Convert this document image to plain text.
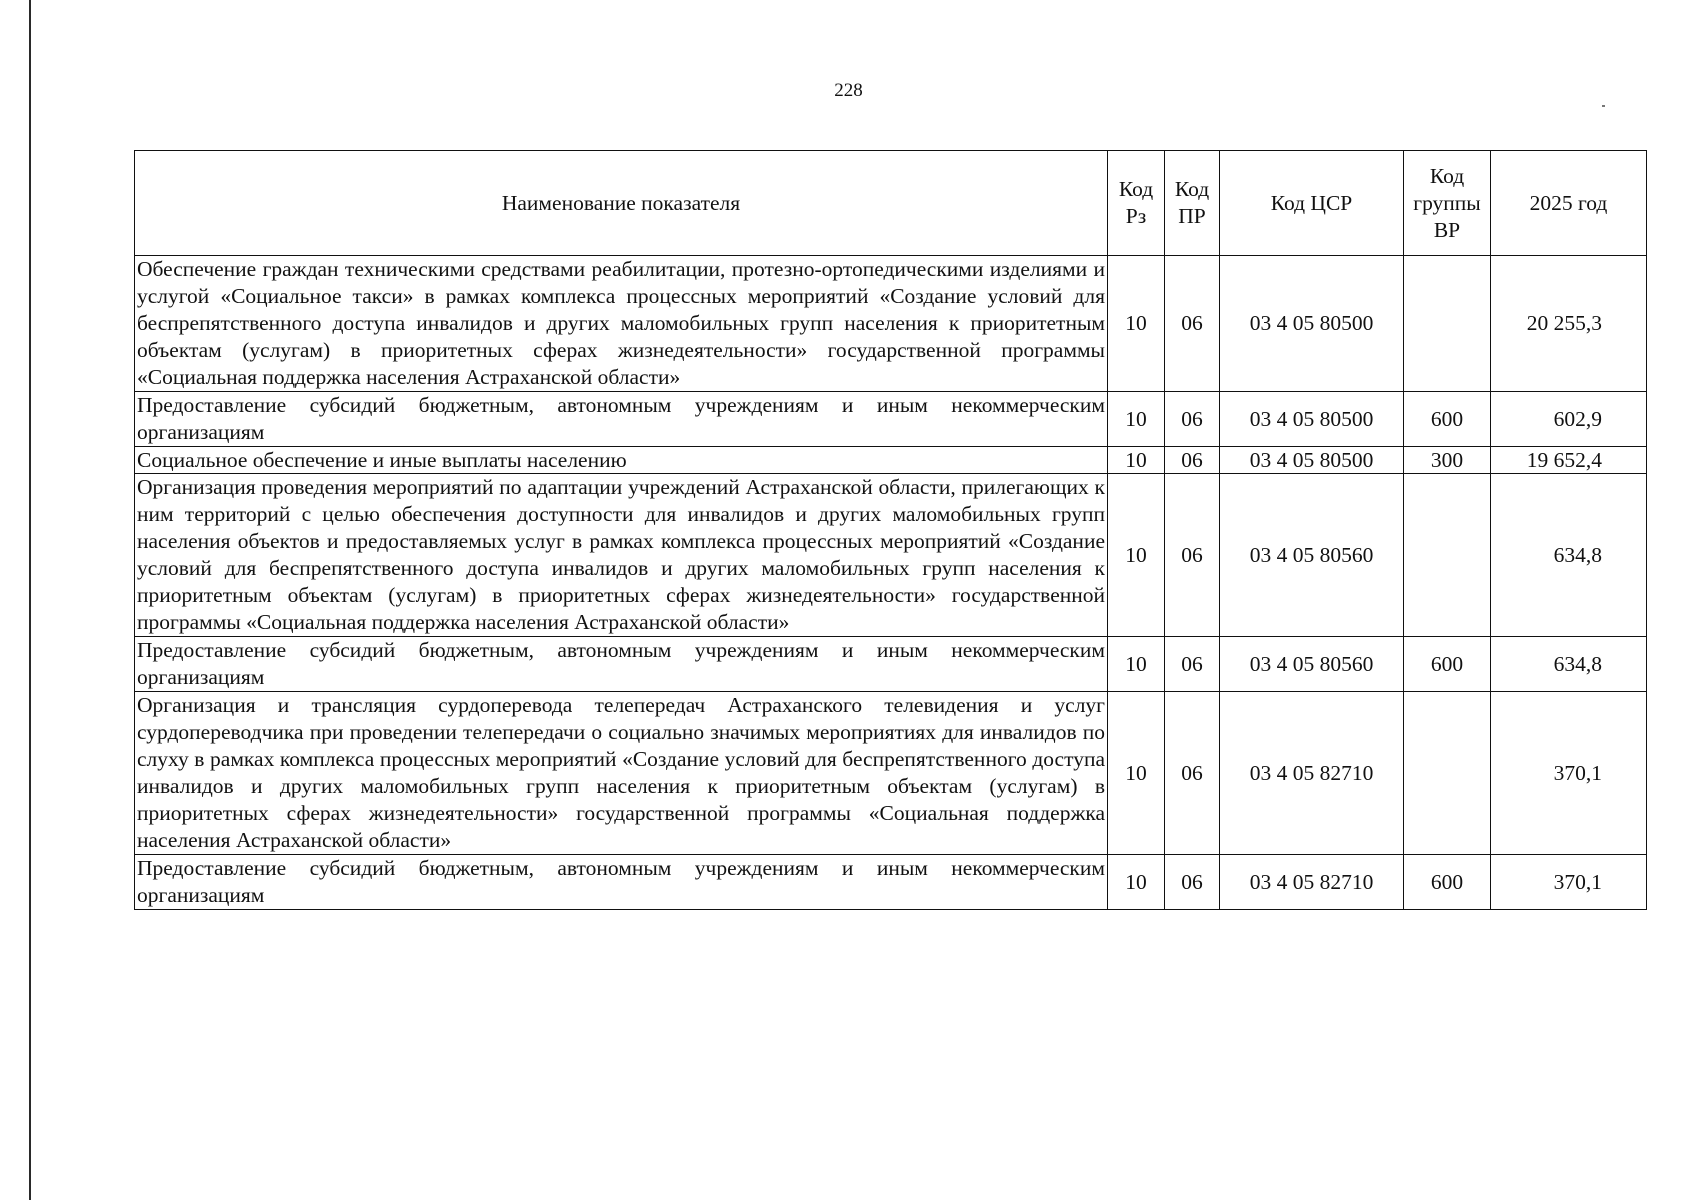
228
Наименование показателя	Код Рз	Код ПР	Код ЦСР	Код группы ВР	2025 год
Обеспечение граждан техническими средствами реабилитации, протезно-ортопедическими изделиями и услугой «Социальное такси» в рамках комплекса процессных мероприятий «Создание условий для беспрепятственного доступа инвалидов и других маломобильных групп населения к приоритетным объектам (услугам) в приоритетных сферах жизнедеятельности» государственной программы «Социальная поддержка населения Астраханской области»	10	06	03 4 05 80500		20 255,3
Предоставление субсидий бюджетным, автономным учреждениям и иным некоммерческим организациям	10	06	03 4 05 80500	600	602,9
Социальное обеспечение и иные выплаты населению	10	06	03 4 05 80500	300	19 652,4
Организация проведения мероприятий по адаптации учреждений Астраханской области, прилегающих к ним территорий с целью обеспечения доступности для инвалидов и других маломобильных групп населения объектов и предоставляемых услуг в рамках комплекса процессных мероприятий «Создание условий для беспрепятственного доступа инвалидов и других маломобильных групп населения к приоритетным объектам (услугам) в приоритетных сферах жизнедеятельности» государственной программы «Социальная поддержка населения Астраханской области»	10	06	03 4 05 80560		634,8
Предоставление субсидий бюджетным, автономным учреждениям и иным некоммерческим организациям	10	06	03 4 05 80560	600	634,8
Организация и трансляция сурдоперевода телепередач Астраханского телевидения и услуг сурдопереводчика при проведении телепередачи о социально значимых мероприятиях для инвалидов по слуху в рамках комплекса процессных мероприятий «Создание условий для беспрепятственного доступа инвалидов и других маломобильных групп населения к приоритетным объектам (услугам) в приоритетных сферах жизнедеятельности» государственной программы «Социальная поддержка населения Астраханской области»	10	06	03 4 05 82710		370,1
Предоставление субсидий бюджетным, автономным учреждениям и иным некоммерческим организациям	10	06	03 4 05 82710	600	370,1
